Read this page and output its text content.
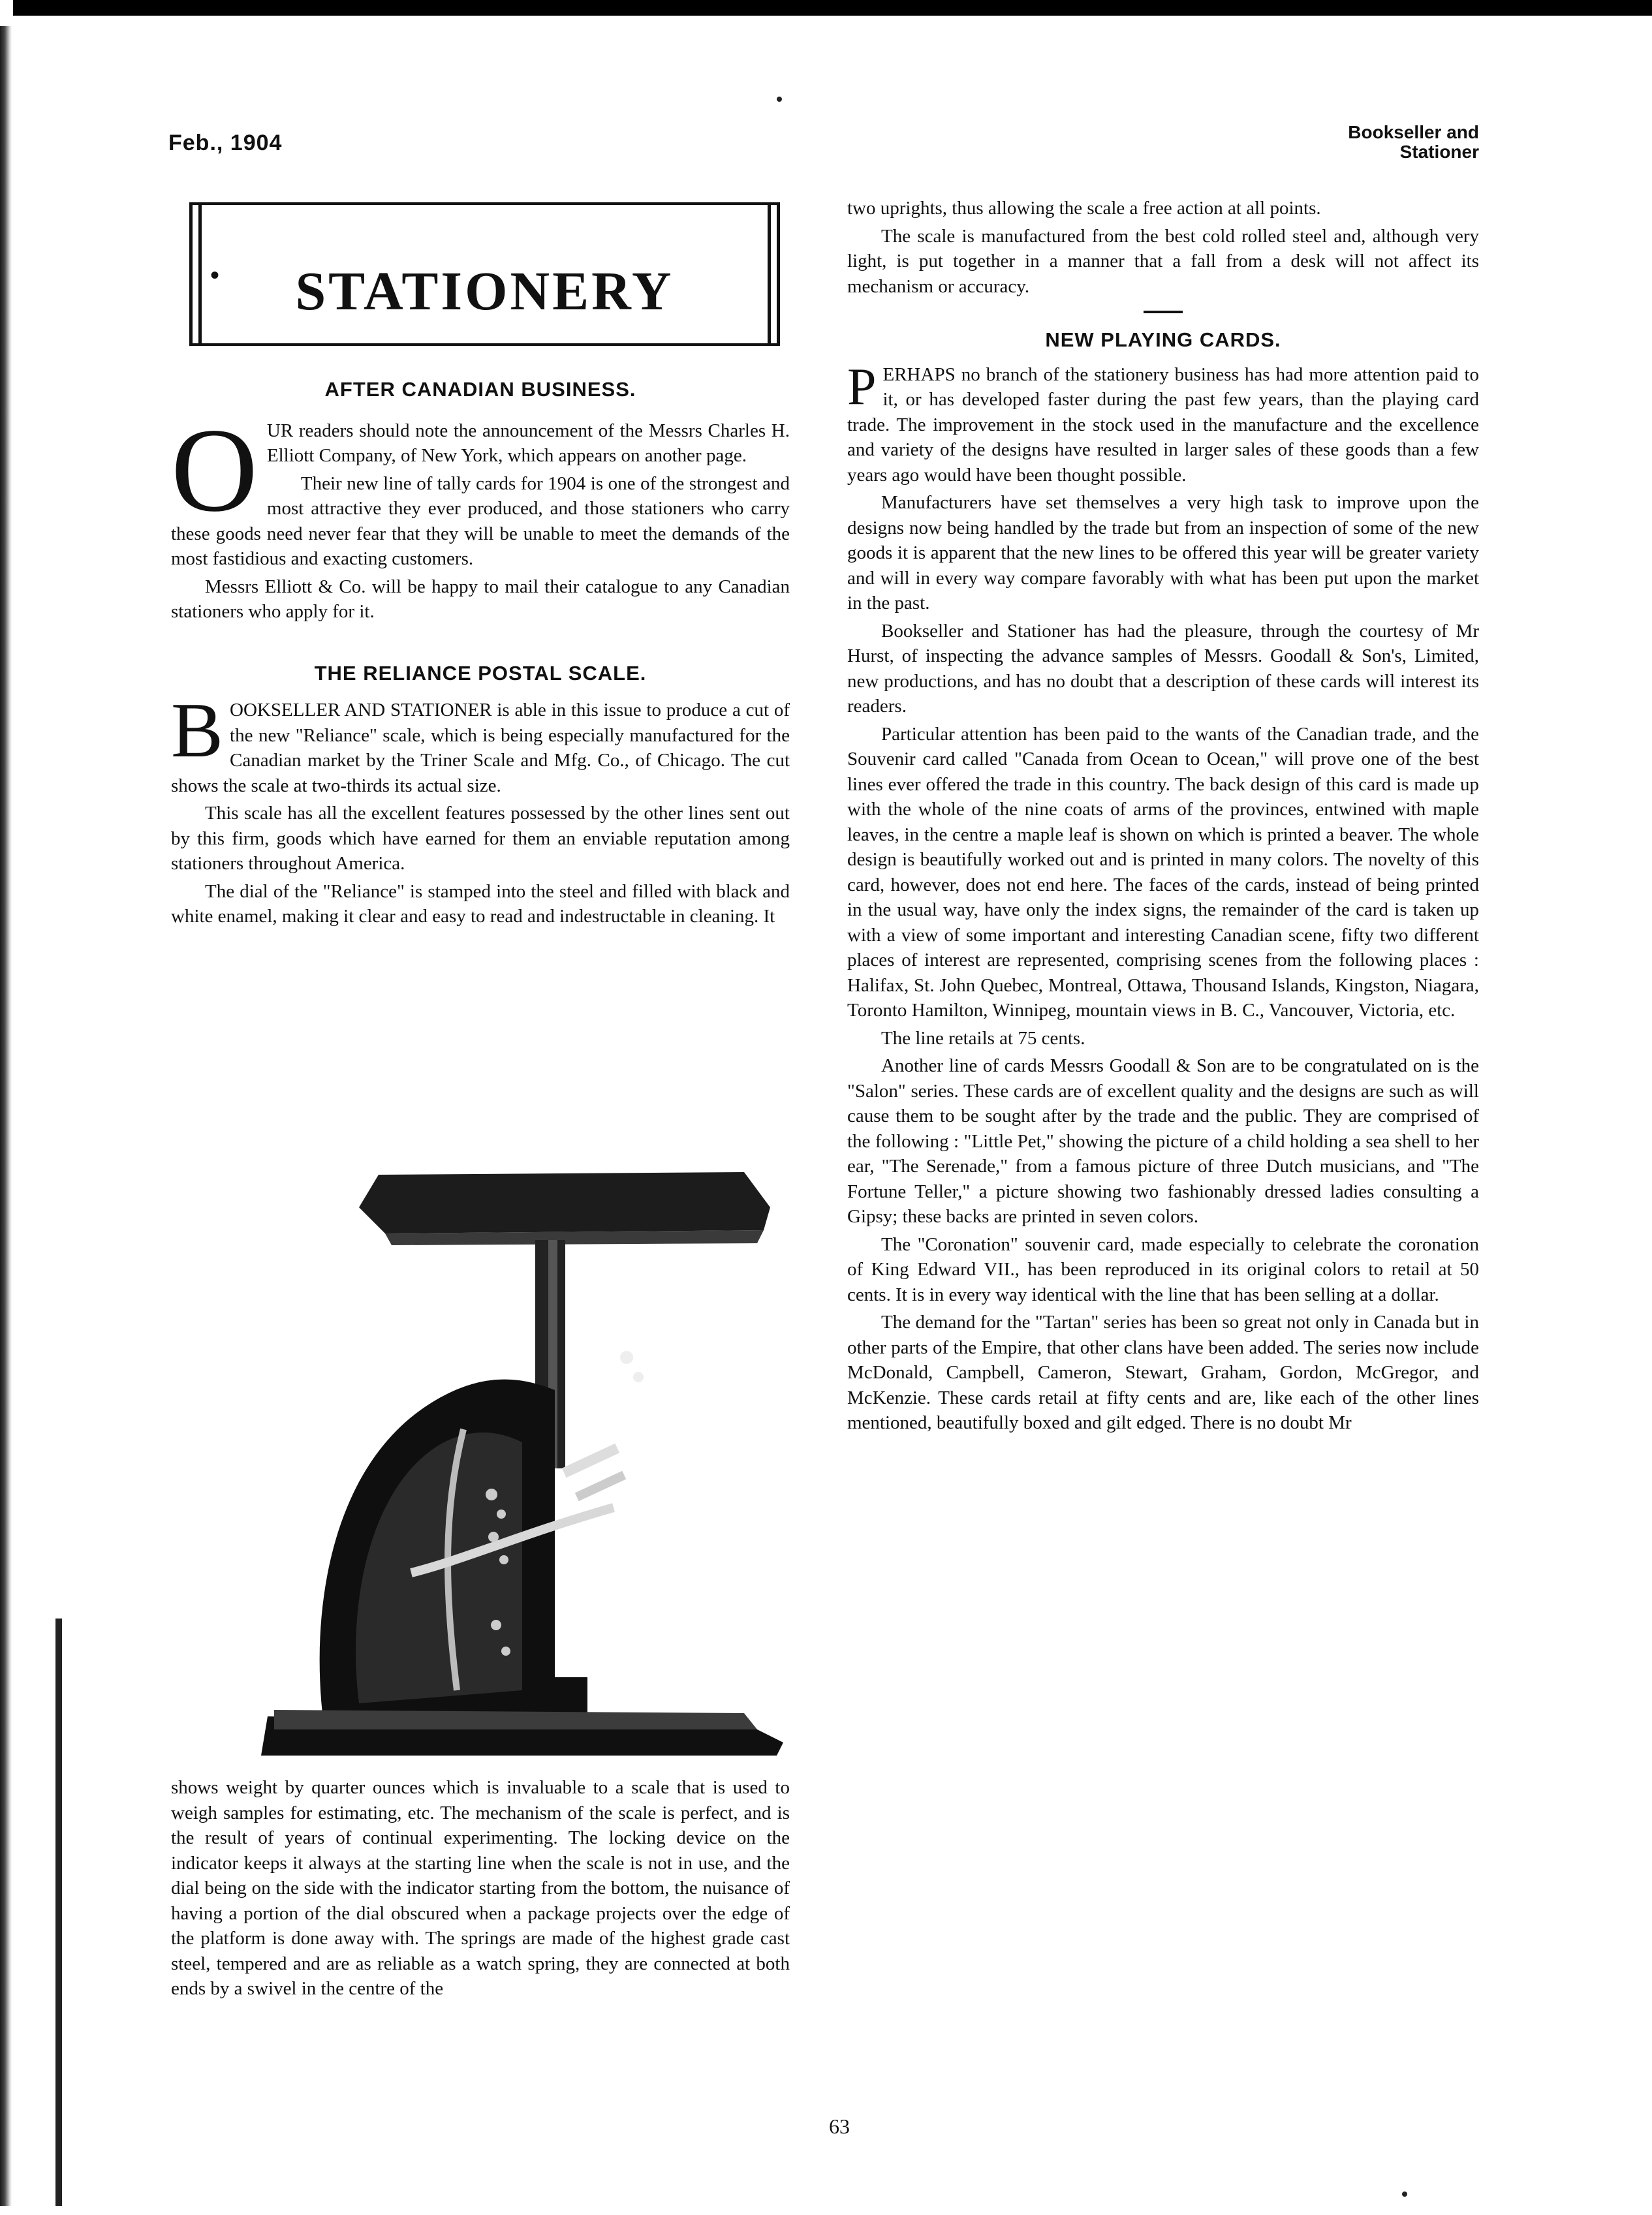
Feb., 1904	Bookseller and
Stationer
STATIONERY
•
AFTER CANADIAN BUSINESS.

OUR readers should note the announcement of the Messrs Charles H. Elliott Company, of New York, which appears on another page.

Their new line of tally cards for 1904 is one of the strongest and most attractive they ever produced, and those stationers who carry these goods need never fear that they will be unable to meet the demands of the most fastidious and exacting customers.

Messrs Elliott & Co. will be happy to mail their catalogue to any Canadian stationers who apply for it.

THE RELIANCE POSTAL SCALE.

BOOKSELLER AND STATIONER is able in this issue to produce a cut of the new "Reliance" scale, which is being especially manufactured for the Canadian market by the Triner Scale and Mfg. Co., of Chicago. The cut shows the scale at two-thirds its actual size.

This scale has all the excellent features possessed by the other lines sent out by this firm, goods which have earned for them an enviable reputation among stationers throughout America.

The dial of the "Reliance" is stamped into the steel and filled with black and white enamel, making it clear and easy to read and indestructable in cleaning. It

shows weight by quarter ounces which is invaluable to a scale that is used to weigh samples for estimating, etc. The mechanism of the scale is perfect, and is the result of years of continual experimenting. The locking device on the indicator keeps it always at the starting line when the scale is not in use, and the dial being on the side with the indicator starting from the bottom, the nuisance of having a portion of the dial obscured when a package projects over the edge of the platform is done away with. The springs are made of the highest grade cast steel, tempered and are as reliable as a watch spring, they are connected at both ends by a swivel in the centre of the

two uprights, thus allowing the scale a free action at all points.

The scale is manufactured from the best cold rolled steel and, although very light, is put together in a manner that a fall from a desk will not affect its mechanism or accuracy.

NEW PLAYING CARDS.

PERHAPS no branch of the stationery business has had more attention paid to it, or has developed faster during the past few years, than the playing card trade. The improvement in the stock used in the manufacture and the excellence and variety of the designs have resulted in larger sales of these goods than a few years ago would have been thought possible.

Manufacturers have set themselves a very high task to improve upon the designs now being handled by the trade but from an inspection of some of the new goods it is apparent that the new lines to be offered this year will be greater variety and will in every way compare favorably with what has been put upon the market in the past.

Bookseller and Stationer has had the pleasure, through the courtesy of Mr Hurst, of inspecting the advance samples of Messrs. Goodall & Son's, Limited, new productions, and has no doubt that a description of these cards will interest its readers.

Particular attention has been paid to the wants of the Canadian trade, and the Souvenir card called "Canada from Ocean to Ocean," will prove one of the best lines ever offered the trade in this country. The back design of this card is made up with the whole of the nine coats of arms of the provinces, entwined with maple leaves, in the centre a maple leaf is shown on which is printed a beaver. The whole design is beautifully worked out and is printed in many colors. The novelty of this card, however, does not end here. The faces of the cards, instead of being printed in the usual way, have only the index signs, the remainder of the card is taken up with a view of some important and interesting Canadian scene, fifty two different places of interest are represented, comprising scenes from the following places : Halifax, St. John Quebec, Montreal, Ottawa, Thousand Islands, Kingston, Niagara, Toronto Hamilton, Winnipeg, mountain views in B. C., Vancouver, Victoria, etc.

The line retails at 75 cents.

Another line of cards Messrs Goodall & Son are to be congratulated on is the "Salon" series. These cards are of excellent quality and the designs are such as will cause them to be sought after by the trade and the public. They are comprised of the following : "Little Pet," showing the picture of a child holding a sea shell to her ear, "The Serenade," from a famous picture of three Dutch musicians, and "The Fortune Teller," a picture showing two fashionably dressed ladies consulting a Gipsy; these backs are printed in seven colors.

The "Coronation" souvenir card, made especially to celebrate the coronation of King Edward VII., has been reproduced in its original colors to retail at 50 cents. It is in every way identical with the line that has been selling at a dollar.

The demand for the "Tartan" series has been so great not only in Canada but in other parts of the Empire, that other clans have been added. The series now include McDonald, Campbell, Cameron, Stewart, Graham, Gordon, McGregor, and McKenzie. These cards retail at fifty cents and are, like each of the other lines mentioned, beautifully boxed and gilt edged. There is no doubt Mr

63
